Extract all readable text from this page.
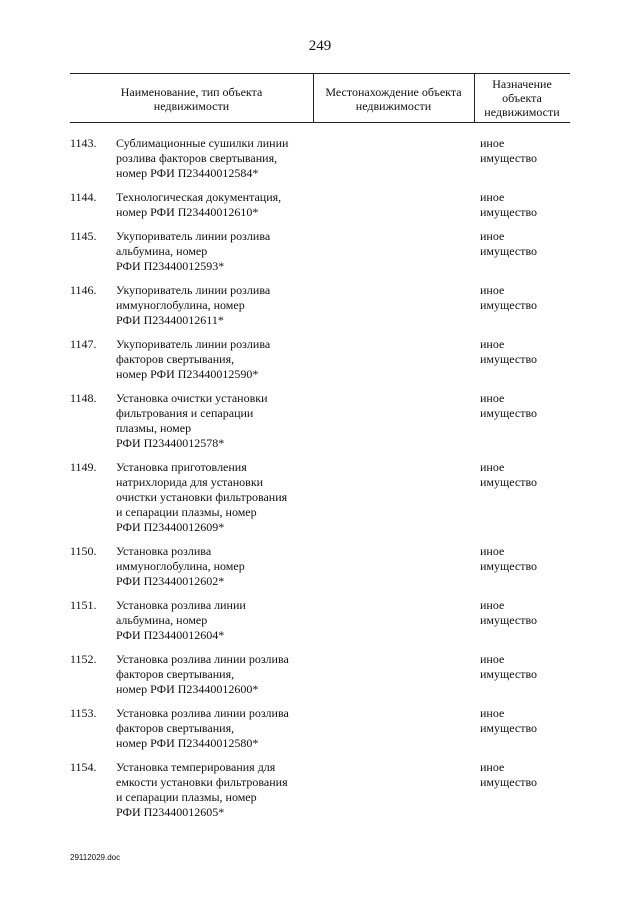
249
Наименование, тип объекта
недвижимости
Местонахождение объекта
недвижимости
Назначение
объекта
недвижимости
1143.	Сублимационные сушилки линии
розлива факторов свертывания,
номер РФИ П23440012584*
иное
имущество
1144.	Технологическая документация,
номер РФИ П23440012610*
иное
имущество
1145.	Укупориватель линии розлива
альбумина, номер
РФИ П23440012593*
иное
имущество
1146.	Укупориватель линии розлива
иммуноглобулина, номер
РФИ П23440012611*
иное
имущество
1147.	Укупориватель линии розлива
факторов свертывания,
номер РФИ П23440012590*
иное
имущество
1148.	Установка очистки установки
фильтрования и сепарации
плазмы, номер
РФИ П23440012578*
иное
имущество
1149.	Установка приготовления
натрихлорида для установки
очистки установки фильтрования
и сепарации плазмы, номер
РФИ П23440012609*
иное
имущество
1150.	Установка розлива
иммуноглобулина, номер
РФИ П23440012602*
иное
имущество
1151.	Установка розлива линии
альбумина, номер
РФИ П23440012604*
иное
имущество
1152.	Установка розлива линии розлива
факторов свертывания,
номер РФИ П23440012600*
иное
имущество
1153.	Установка розлива линии розлива
факторов свертывания,
номер РФИ П23440012580*
иное
имущество
1154.	Установка темперирования для
емкости установки фильтрования
и сепарации плазмы, номер
РФИ П23440012605*
иное
имущество
29112029.doc
